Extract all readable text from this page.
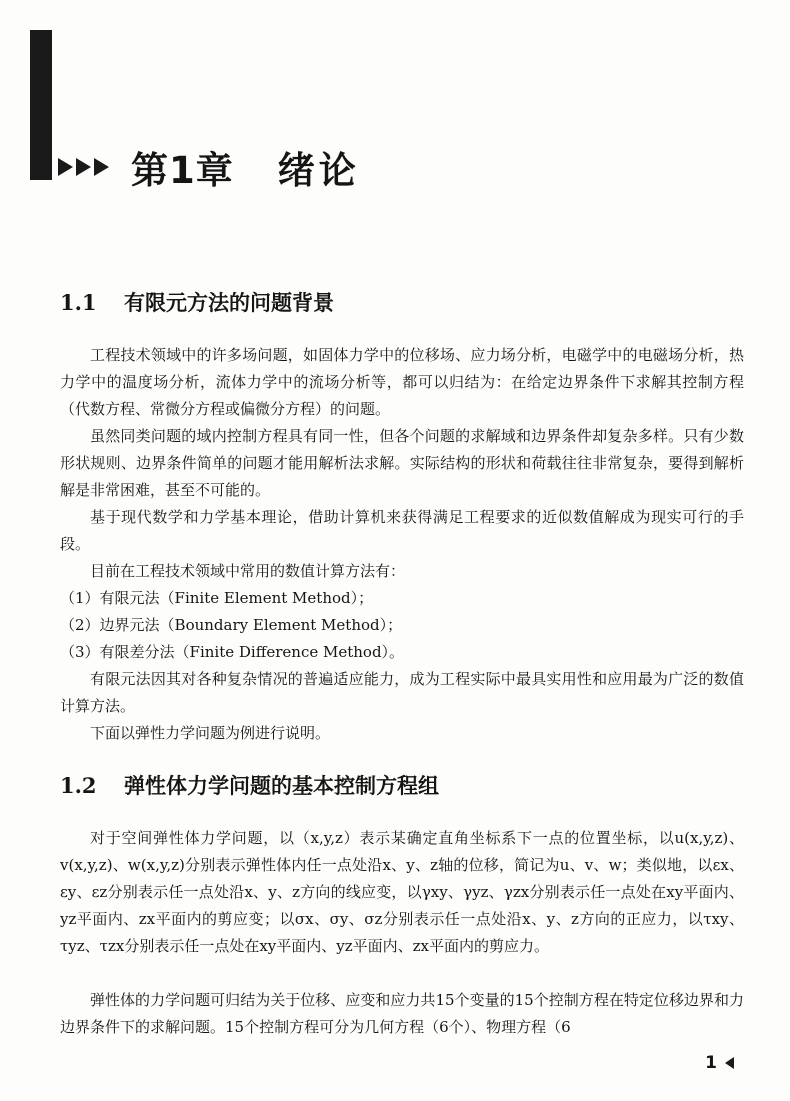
第1章 绪论
1.1 有限元方法的问题背景

工程技术领域中的许多场问题，如固体力学中的位移场、应力场分析，电磁学中的电磁场分析，热力学中的温度场分析，流体力学中的流场分析等，都可以归结为：在给定边界条件下求解其控制方程（代数方程、常微分方程或偏微分方程）的问题。

虽然同类问题的域内控制方程具有同一性，但各个问题的求解域和边界条件却复杂多样。只有少数形状规则、边界条件简单的问题才能用解析法求解。实际结构的形状和荷载往往非常复杂，要得到解析解是非常困难，甚至不可能的。

基于现代数学和力学基本理论，借助计算机来获得满足工程要求的近似数值解成为现实可行的手段。

目前在工程技术领域中常用的数值计算方法有：

（1）有限元法（Finite Element Method）；
（2）边界元法（Boundary Element Method）；
（3）有限差分法（Finite Difference Method）。

有限元法因其对各种复杂情况的普遍适应能力，成为工程实际中最具实用性和应用最为广泛的数值计算方法。

下面以弹性力学问题为例进行说明。

1.2 弹性体力学问题的基本控制方程组

对于空间弹性体力学问题，以（x,y,z）表示某确定直角坐标系下一点的位置坐标，以u(x,y,z)、v(x,y,z)、w(x,y,z)分别表示弹性体内任一点处沿x、y、z轴的位移，简记为u、v、w；类似地，以εx、εy、εz分别表示任一点处沿x、y、z方向的线应变，以γxy、γyz、γzx分别表示任一点处在xy平面内、yz平面内、zx平面内的剪应变；以σx、σy、σz分别表示任一点处沿x、y、z方向的正应力，以τxy、τyz、τzx分别表示任一点处在xy平面内、yz平面内、zx平面内的剪应力。

弹性体的力学问题可归结为关于位移、应变和应力共15个变量的15个控制方程在特定位移边界和力边界条件下的求解问题。15个控制方程可分为几何方程（6个）、物理方程（6

1
